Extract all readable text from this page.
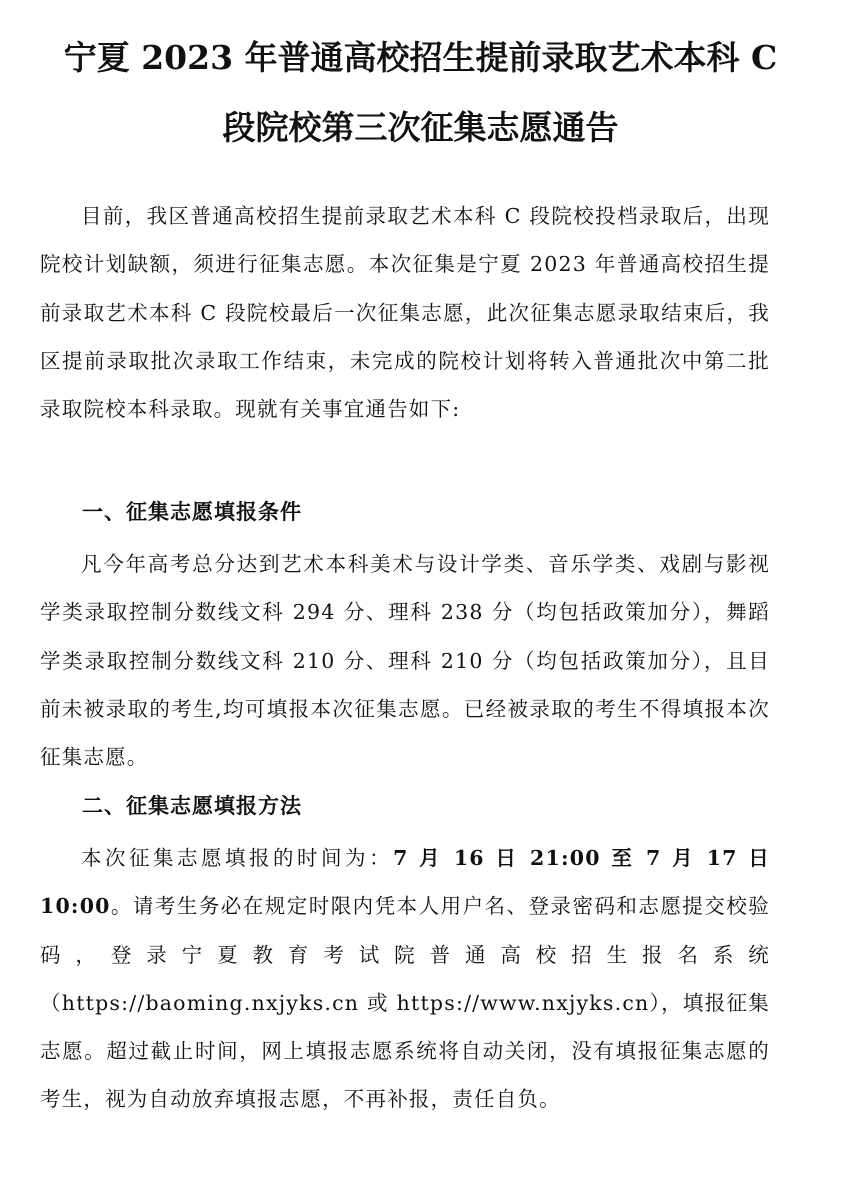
宁夏 2023 年普通高校招生提前录取艺术本科 C
段院校第三次征集志愿通告

目前，我区普通高校招生提前录取艺术本科 C 段院校投档录取后，出现院校计划缺额，须进行征集志愿。本次征集是宁夏 2023 年普通高校招生提前录取艺术本科 C 段院校最后一次征集志愿，此次征集志愿录取结束后，我区提前录取批次录取工作结束，未完成的院校计划将转入普通批次中第二批录取院校本科录取。现就有关事宜通告如下:

一、征集志愿填报条件

凡今年高考总分达到艺术本科美术与设计学类、音乐学类、戏剧与影视学类录取控制分数线文科 294 分、理科 238 分（均包括政策加分），舞蹈学类录取控制分数线文科 210 分、理科 210 分（均包括政策加分），且目前未被录取的考生,均可填报本次征集志愿。已经被录取的考生不得填报本次征集志愿。

二、征集志愿填报方法

本次征集志愿填报的时间为：7 月 16 日 21:00 至 7 月 17 日 10:00。请考生务必在规定时限内凭本人用户名、登录密码和志愿提交校验码，登录宁夏教育考试院普通高校招生报名系统（https://baoming.nxjyks.cn 或 https://www.nxjyks.cn），填报征集志愿。超过截止时间，网上填报志愿系统将自动关闭，没有填报征集志愿的考生，视为自动放弃填报志愿，不再补报，责任自负。
